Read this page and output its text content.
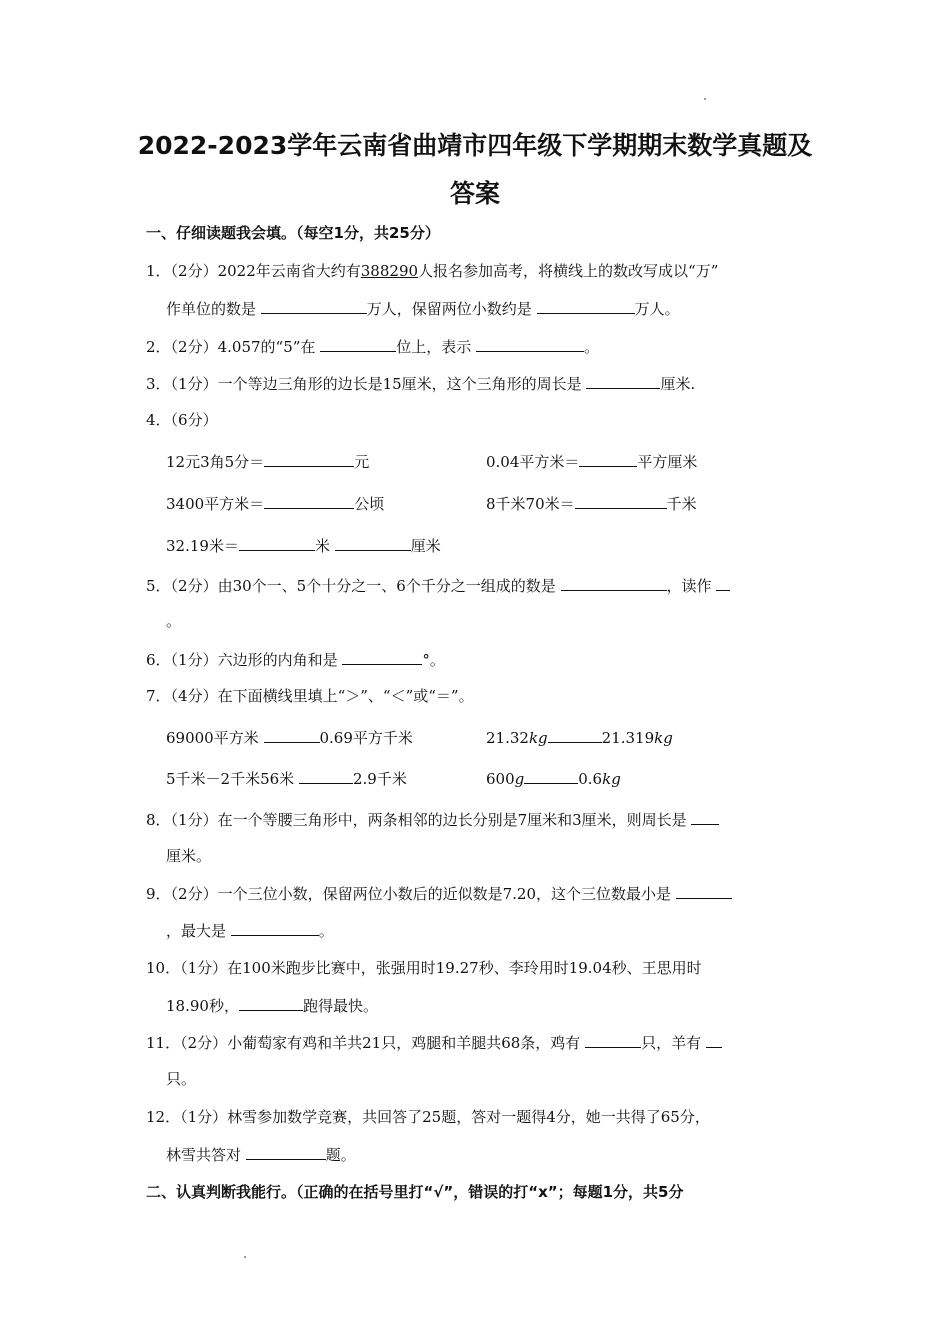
2022-2023学年云南省曲靖市四年级下学期期末数学真题及
答案
一、仔细读题我会填。（每空1分，共25分）
1．（2分）2022年云南省大约有388290人报名参加高考，将横线上的数改写成以“万”
作单位的数是	万人，保留两位小数约是	万人。
2．（2分）4.057的“5”在	位上，表示	。
3．（1分）一个等边三角形的边长是15厘米，这个三角形的周长是	厘米.
4．（6分）
12元3角5分＝	元	0.04平方米＝	平方厘米
3400平方米＝	公顷	8千米70米＝	千米
32.19米＝	米	厘米
5．（2分）由30个一、5个十分之一、6个千分之一组成的数是	，读作
。
6．（1分）六边形的内角和是	°。
7．（4分）在下面横线里填上“＞”、“＜”或“＝”。
69000平方米	0.69平方千米	21.32kg	21.319kg
5千米－2千米56米	2.9千米	600g	0.6kg
8．（1分）在一个等腰三角形中，两条相邻的边长分别是7厘米和3厘米，则周长是
厘米。
9．（2分）一个三位小数，保留两位小数后的近似数是7.20，这个三位数最小是
，最大是	。
10．（1分）在100米跑步比赛中，张强用时19.27秒、李玲用时19.04秒、王思用时
18.90秒，	跑得最快。
11．（2分）小葡萄家有鸡和羊共21只，鸡腿和羊腿共68条，鸡有	只，羊有
只。
12．（1分）林雪参加数学竞赛，共回答了25题，答对一题得4分，她一共得了65分，
林雪共答对	题。
二、认真判断我能行。（正确的在括号里打“√”，错误的打“x”；每题1分，共5分
